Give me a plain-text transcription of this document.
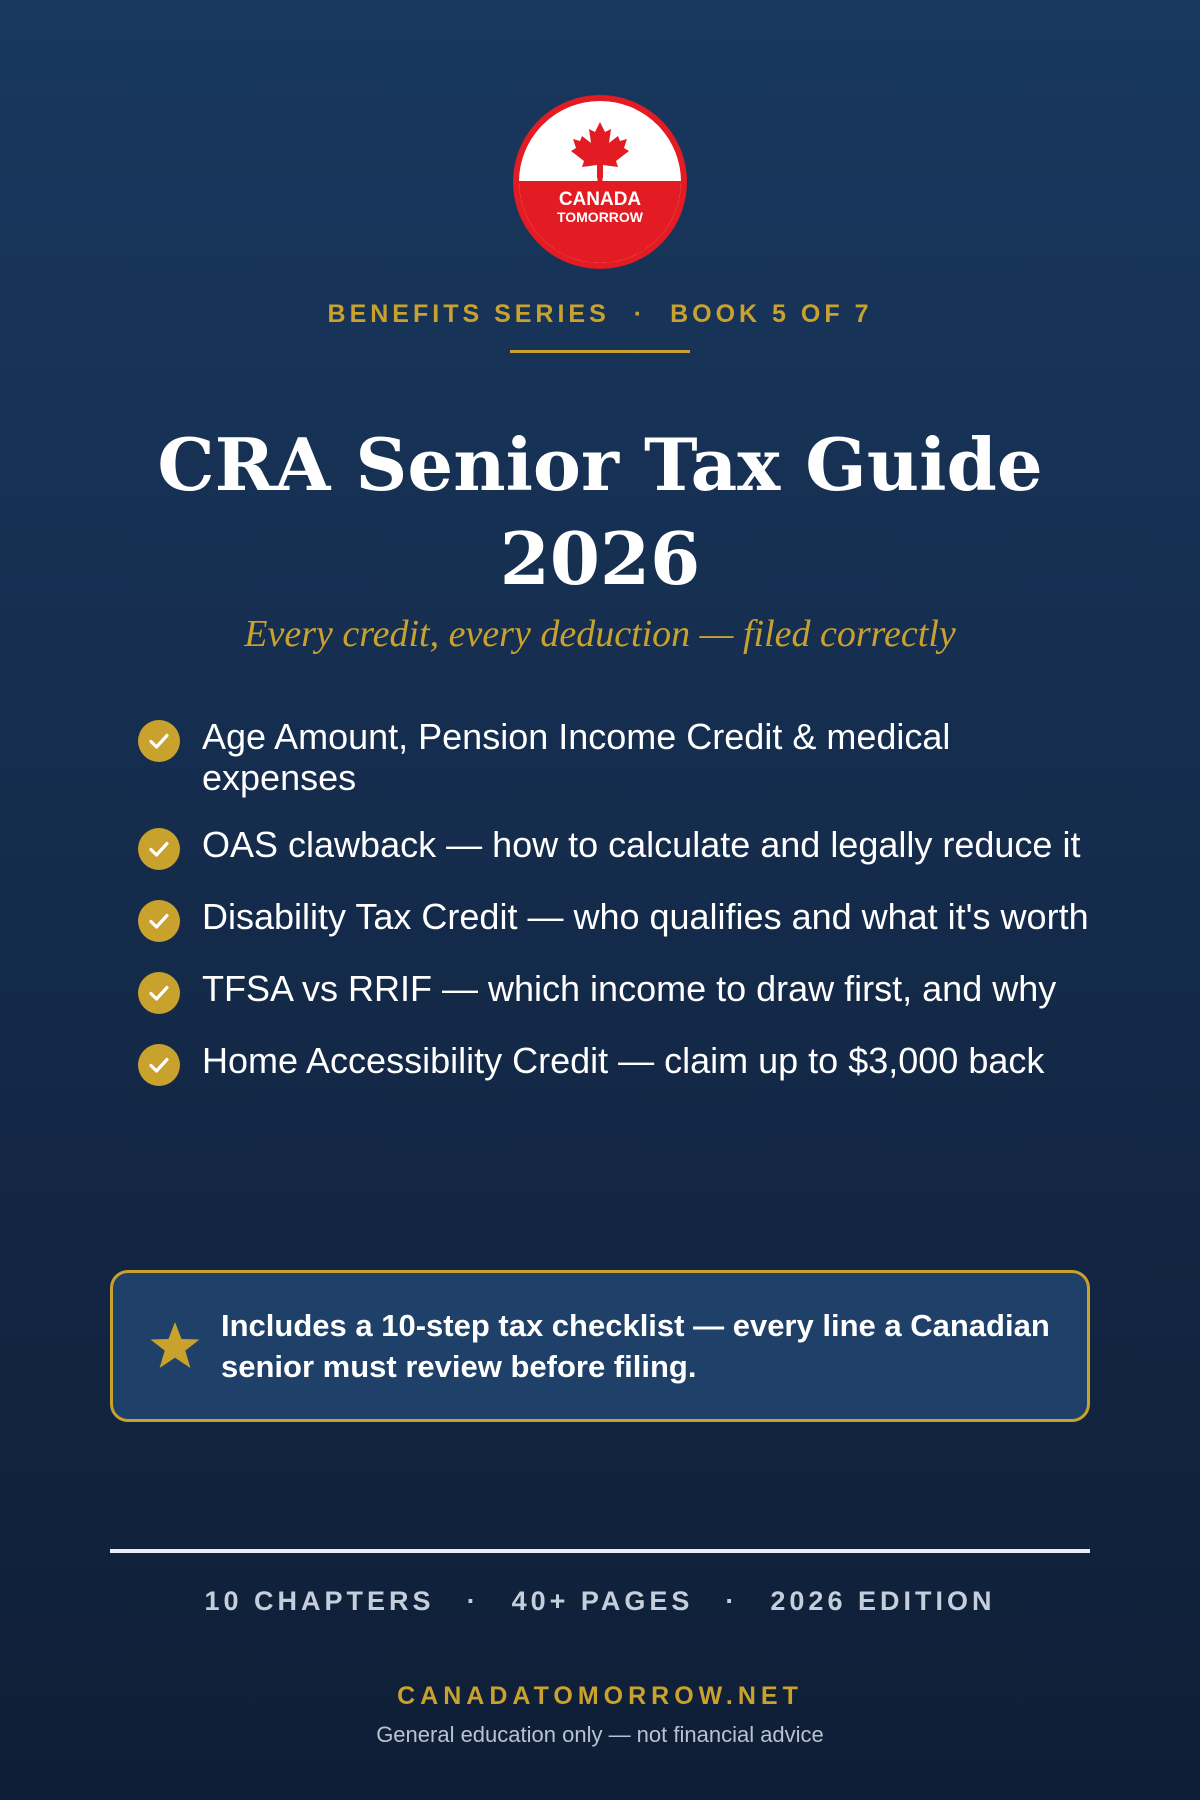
CANADA
TOMORROW
BENEFITS SERIES · BOOK 5 OF 7
CRA Senior Tax Guide 2026
Every credit, every deduction — filed correctly
Age Amount, Pension Income Credit & medical expenses
OAS clawback — how to calculate and legally reduce it
Disability Tax Credit — who qualifies and what it's worth
TFSA vs RRIF — which income to draw first, and why
Home Accessibility Credit — claim up to $3,000 back
Includes a 10-step tax checklist — every line a Canadian senior must review before filing.
10 CHAPTERS · 40+ PAGES · 2026 EDITION
CANADATOMORROW.NET
General education only — not financial advice
